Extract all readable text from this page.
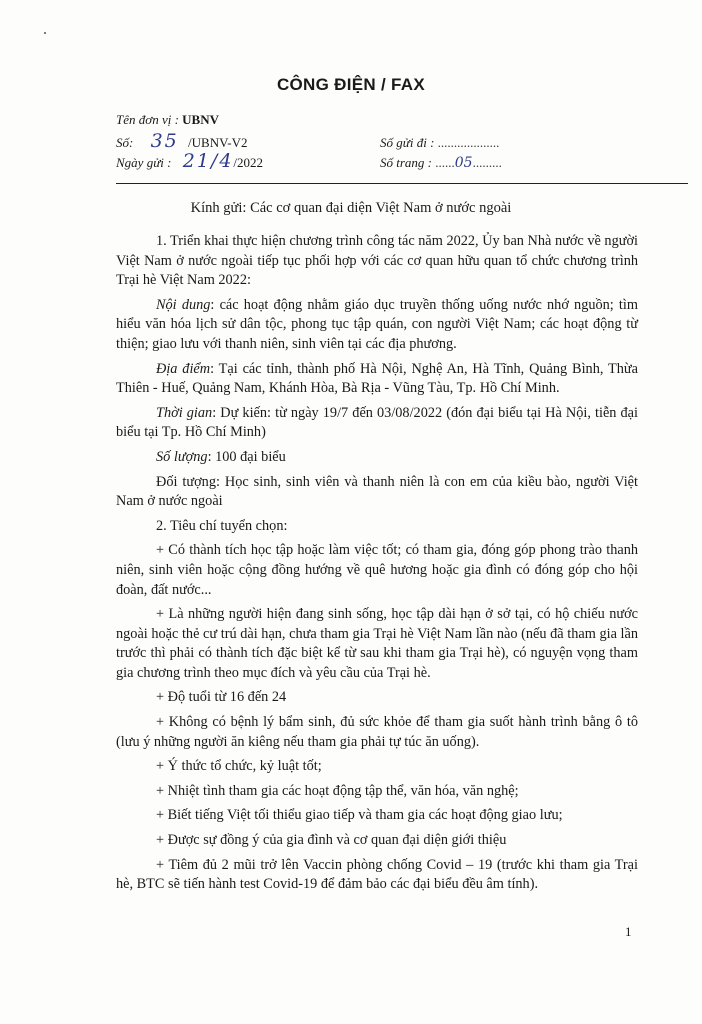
CÔNG ĐIỆN / FAX
Tên đơn vị : UBNV
Số: 35 /UBNV-V2
Ngày gửi : 21/4/2022
Số gửi đi : ...................
Số trang : ......05.........
Kính gửi: Các cơ quan đại diện Việt Nam ở nước ngoài

1. Triển khai thực hiện chương trình công tác năm 2022, Ủy ban Nhà nước về người Việt Nam ở nước ngoài tiếp tục phối hợp với các cơ quan hữu quan tổ chức chương trình Trại hè Việt Nam 2022:

Nội dung: các hoạt động nhằm giáo dục truyền thống uống nước nhớ nguồn; tìm hiểu văn hóa lịch sử dân tộc, phong tục tập quán, con người Việt Nam; các hoạt động từ thiện; giao lưu với thanh niên, sinh viên tại các địa phương.

Địa điểm: Tại các tỉnh, thành phố Hà Nội, Nghệ An, Hà Tĩnh, Quảng Bình, Thừa Thiên - Huế, Quảng Nam, Khánh Hòa, Bà Rịa - Vũng Tàu, Tp. Hồ Chí Minh.

Thời gian: Dự kiến: từ ngày 19/7 đến 03/08/2022 (đón đại biểu tại Hà Nội, tiễn đại biểu tại Tp. Hồ Chí Minh)

Số lượng: 100 đại biểu

Đối tượng: Học sinh, sinh viên và thanh niên là con em của kiều bào, người Việt Nam ở nước ngoài

2. Tiêu chí tuyển chọn:

+ Có thành tích học tập hoặc làm việc tốt; có tham gia, đóng góp phong trào thanh niên, sinh viên hoặc cộng đồng hướng về quê hương hoặc gia đình có đóng góp cho hội đoàn, đất nước...

+ Là những người hiện đang sinh sống, học tập dài hạn ở sở tại, có hộ chiếu nước ngoài hoặc thẻ cư trú dài hạn, chưa tham gia Trại hè Việt Nam lần nào (nếu đã tham gia lần trước thì phải có thành tích đặc biệt kể từ sau khi tham gia Trại hè), có nguyện vọng tham gia chương trình theo mục đích và yêu cầu của Trại hè.

+ Độ tuổi từ 16 đến 24

+ Không có bệnh lý bẩm sinh, đủ sức khỏe để tham gia suốt hành trình bằng ô tô (lưu ý những người ăn kiêng nếu tham gia phải tự túc ăn uống).

+ Ý thức tổ chức, kỷ luật tốt;

+ Nhiệt tình tham gia các hoạt động tập thể, văn hóa, văn nghệ;

+ Biết tiếng Việt tối thiểu giao tiếp và tham gia các hoạt động giao lưu;

+ Được sự đồng ý của gia đình và cơ quan đại diện giới thiệu

+ Tiêm đủ 2 mũi trở lên Vaccin phòng chống Covid – 19 (trước khi tham gia Trại hè, BTC sẽ tiến hành test Covid-19 để đảm bảo các đại biểu đều âm tính).

1
